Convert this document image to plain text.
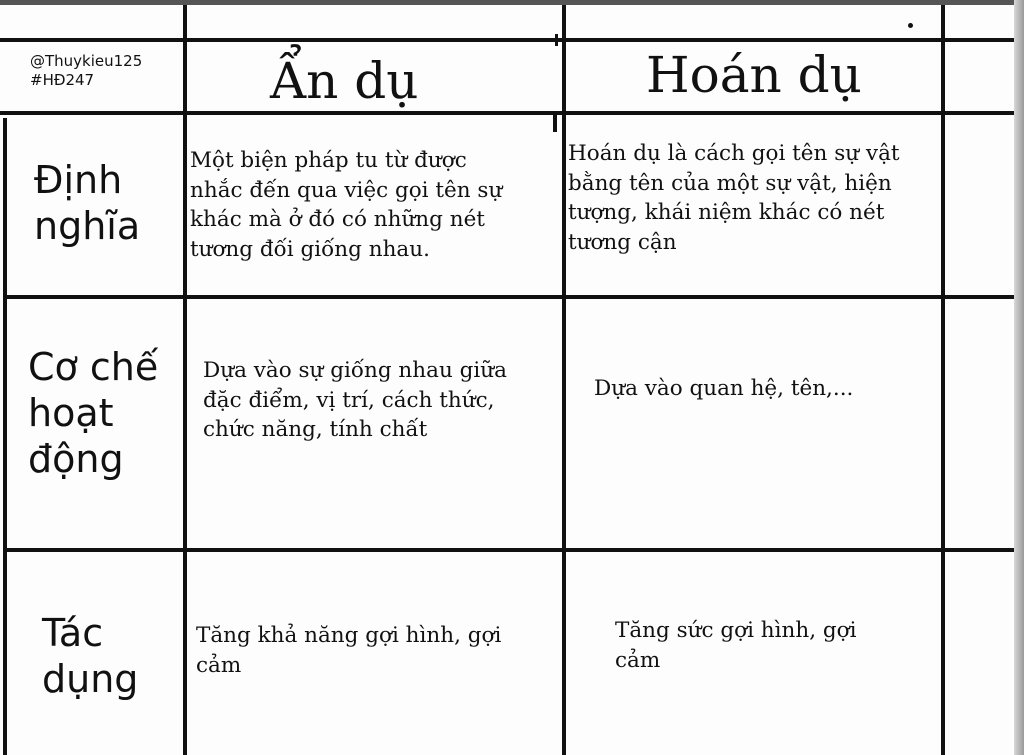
@Thuykieu125
#HĐ247	Ẩn dụ	Hoán dụ
Định
nghĩa
Một biện pháp tu từ được
nhắc đến qua việc gọi tên sự
khác mà ở đó có những nét
tương đối giống nhau.
Hoán dụ là cách gọi tên sự vật
bằng tên của một sự vật, hiện
tượng, khái niệm khác có nét
tương cận
Cơ chế
hoạt
động
Dựa vào sự giống nhau giữa
đặc điểm, vị trí, cách thức,
chức năng, tính chất
Dựa vào quan hệ, tên,...
Tác
dụng
Tăng khả năng gợi hình, gợi
cảm
Tăng sức gợi hình, gợi
cảm
